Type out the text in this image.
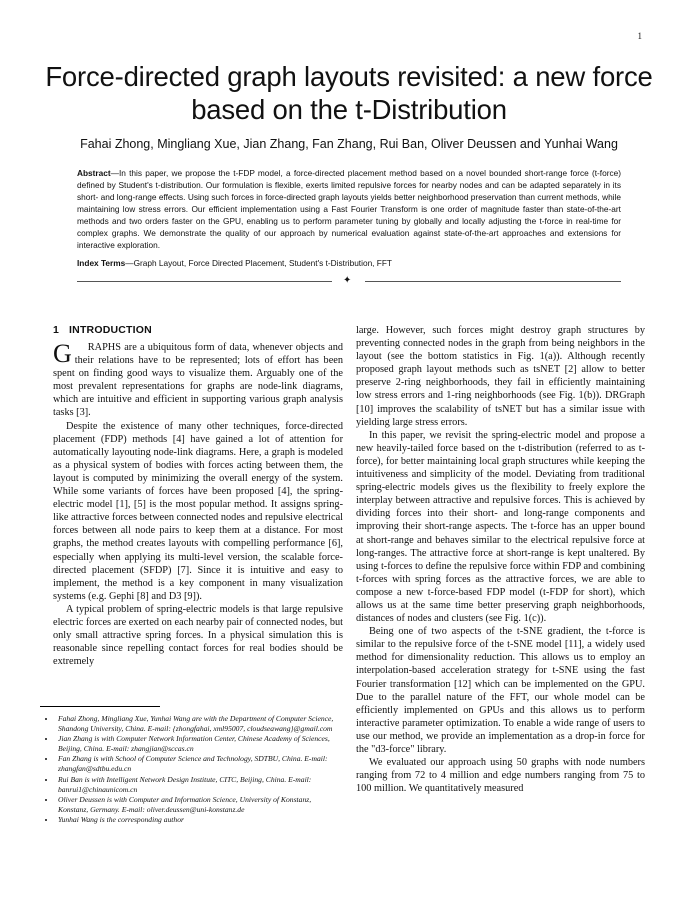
1
Force-directed graph layouts revisited: a new force based on the t-Distribution
Fahai Zhong, Mingliang Xue, Jian Zhang, Fan Zhang, Rui Ban, Oliver Deussen and Yunhai Wang
Abstract—In this paper, we propose the t-FDP model, a force-directed placement method based on a novel bounded short-range force (t-force) defined by Student's t-distribution. Our formulation is flexible, exerts limited repulsive forces for nearby nodes and can be adapted separately in its short- and long-range effects. Using such forces in force-directed graph layouts yields better neighborhood preservation than current methods, while maintaining low stress errors. Our efficient implementation using a Fast Fourier Transform is one order of magnitude faster than state-of-the-art methods and two orders faster on the GPU, enabling us to perform parameter tuning by globally and locally adjusting the t-force in real-time for complex graphs. We demonstrate the quality of our approach by numerical evaluation against state-of-the-art approaches and extensions for interactive exploration.
Index Terms—Graph Layout, Force Directed Placement, Student's t-Distribution, FFT
✦
1 INTRODUCTION

G RAPHS are a ubiquitous form of data, whenever objects and their relations have to be represented; lots of effort has been spent on finding good ways to visualize them. Arguably one of the most prevalent representations for graphs are node-link diagrams, which are intuitive and efficient in supporting various graph analysis tasks [3].

Despite the existence of many other techniques, force-directed placement (FDP) methods [4] have gained a lot of attention for automatically layouting node-link diagrams. Here, a graph is modeled as a physical system of bodies with forces acting between them, the layout is computed by minimizing the overall energy of the system. While some variants of forces have been proposed [4], the spring-electric model [1], [5] is the most popular method. It assigns spring-like attractive forces between connected nodes and repulsive electrical forces between all node pairs to keep them at a distance. For most graphs, the method creates layouts with compelling performance [6], especially when applying its multi-level version, the scalable force-directed placement (SFDP) [7]. Since it is intuitive and easy to implement, the method is a key component in many visualization systems (e.g. Gephi [8] and D3 [9]).

A typical problem of spring-electric models is that large repulsive electric forces are exerted on each nearby pair of connected nodes, but only small attractive spring forces. In a physical simulation this is reasonable since repelling contact forces for real bodies should be extremely

• Fahai Zhong, Mingliang Xue, Yunhai Wang are with the Department of Computer Science, Shandong University, China. E-mail: {zhongfahai, xml95007, cloudseawang}@gmail.com
• Jian Zhang is with Computer Network Information Center, Chinese Academy of Sciences, Beijing, China. E-mail: zhangjian@sccas.cn
• Fan Zhang is with School of Computer Science and Technology, SDTBU, China. E-mail: zhangfan@sdtbu.edu.cn
• Rui Ban is with Intelligent Network Design Institute, CITC, Beijing, China. E-mail: banrui1@chinaunicom.cn
• Oliver Deussen is with Computer and Information Science, University of Konstanz, Konstanz, Germany. E-mail: oliver.deussen@uni-konstanz.de
• Yunhai Wang is the corresponding author

large. However, such forces might destroy graph structures by preventing connected nodes in the graph from being neighbors in the layout (see the bottom statistics in Fig. 1(a)). Although recently proposed graph layout methods such as tsNET [2] allow to better preserve 2-ring neighborhoods, they fail in efficiently maintaining low stress errors and 1-ring neighborhoods (see Fig. 1(b)). DRGraph [10] improves the scalability of tsNET but has a similar issue with yielding large stress errors.

In this paper, we revisit the spring-electric model and propose a new heavily-tailed force based on the t-distribution (referred to as t-force), for better maintaining local graph structures while keeping the intuitiveness and simplicity of the model. Deviating from traditional spring-electric models gives us the flexibility to freely explore the interplay between attractive and repulsive forces. This is achieved by dividing forces into their short- and long-range components and improving their short-range aspects. The t-force has an upper bound at short-range and behaves similar to the electrical repulsive force at long-ranges. The attractive force at short-range is kept unaltered. By using t-forces to define the repulsive force within FDP and combining t-forces with spring forces as the attractive forces, we are able to compose a new t-force-based FDP model (t-FDP for short), which allows us at the same time better preserving graph neighborhoods, distances of nodes and clusters (see Fig. 1(c)).

Being one of two aspects of the t-SNE gradient, the t-force is similar to the repulsive force of the t-SNE model [11], a widely used method for dimensionality reduction. This allows us to employ an interpolation-based acceleration strategy for t-SNE using the fast Fourier transformation [12] which can be implemented on the GPU. Due to the parallel nature of the FFT, our whole model can be efficiently implemented on GPUs and this allows us to perform interactive parameter optimization. To enable a wide range of users to use our method, we provide an implementation as a drop-in force for the "d3-force" library.

We evaluated our approach using 50 graphs with node numbers ranging from 72 to 4 million and edge numbers ranging from 75 to 100 million. We quantitatively measured
